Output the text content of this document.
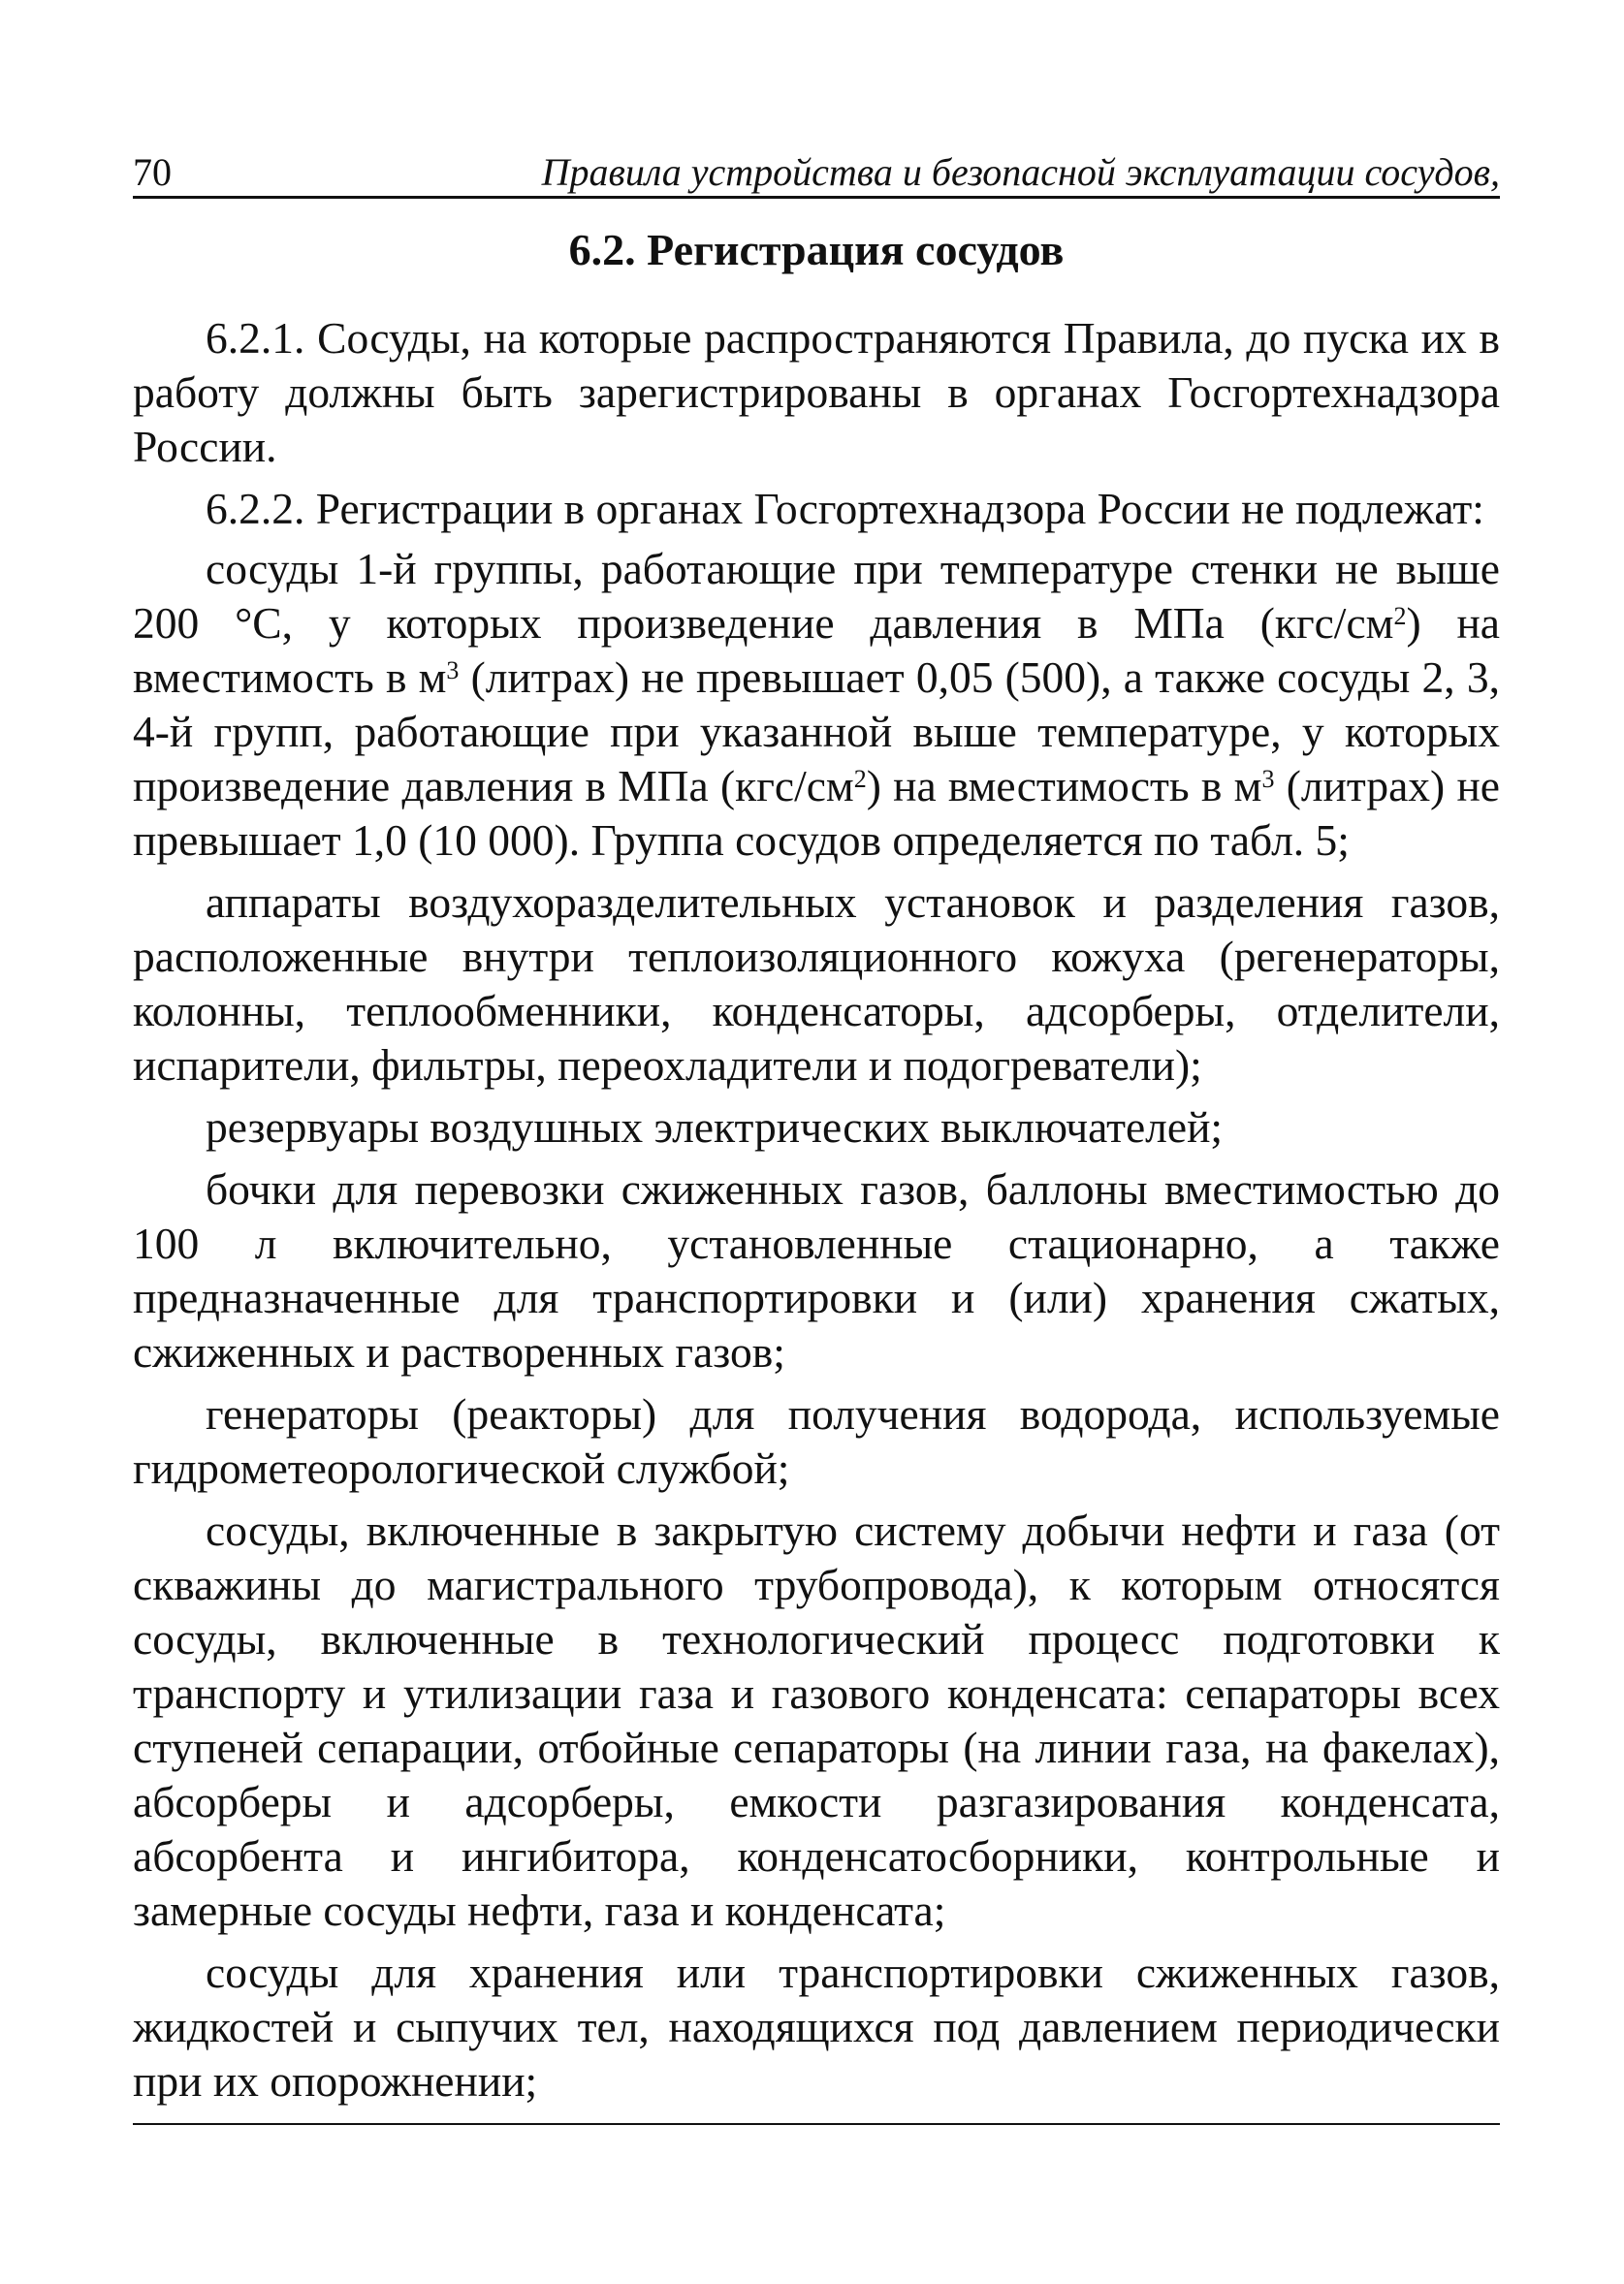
70	Правила устройства и безопасной эксплуатации сосудов,
6.2. Регистрация сосудов

6.2.1. Сосуды, на которые распространяются Правила, до пуска их в работу должны быть зарегистрированы в органах Госгортехнадзора России.

6.2.2. Регистрации в органах Госгортехнадзора России не подлежат:

сосуды 1-й группы, работающие при температуре стенки не выше 200 °С, у которых произведение давления в МПа $(кгс/см^2)$ на вместимость в $м^3$ (литрах) не превышает 0,05 (500), а также сосуды 2, 3, 4-й групп, работающие при указанной выше температуре, у которых произведение давления в МПа $(кгс/см^2)$ на вместимость в $м^3$ (литрах) не превышает 1,0 (10 000). Группа сосудов определяется по табл. 5;

аппараты воздухоразделительных установок и разделения газов, расположенные внутри теплоизоляционного кожуха (регенераторы, колонны, теплообменники, конденсаторы, адсорберы, отделители, испарители, фильтры, переохладители и подогреватели);

резервуары воздушных электрических выключателей;

бочки для перевозки сжиженных газов, баллоны вместимостью до 100 л включительно, установленные стационарно, а также предназначенные для транспортировки и (или) хранения сжатых, сжиженных и растворенных газов;

генераторы (реакторы) для получения водорода, используемые гидрометеорологической службой;

сосуды, включенные в закрытую систему добычи нефти и газа (от скважины до магистрального трубопровода), к которым относятся сосуды, включенные в технологический процесс подготовки к транспорту и утилизации газа и газового конденсата: сепараторы всех ступеней сепарации, отбойные сепараторы (на линии газа, на факелах), абсорберы и адсорберы, емкости разгазирования конденсата, абсорбента и ингибитора, конденсатосборники, контрольные и замерные сосуды нефти, газа и конденсата;

сосуды для хранения или транспортировки сжиженных газов, жидкостей и сыпучих тел, находящихся под давлением периодически при их опорожнении;
